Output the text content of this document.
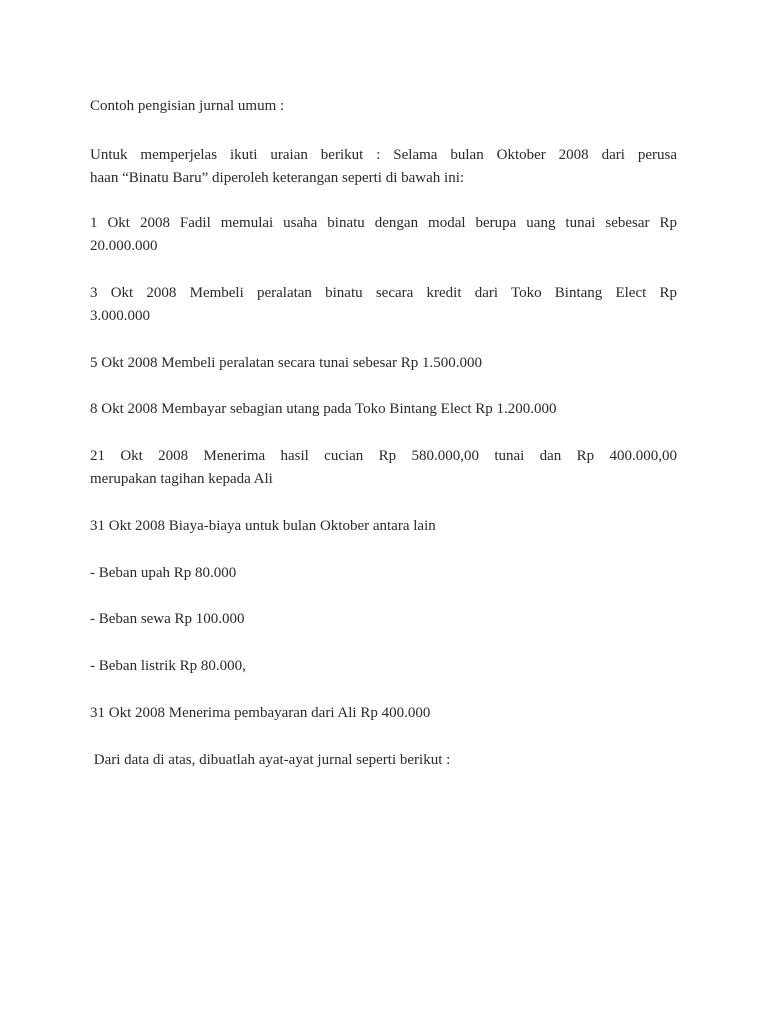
Contoh pengisian jurnal umum :

Untuk memperjelas ikuti uraian berikut : Selama bulan Oktober 2008 dari perusa
haan “Binatu Baru” diperoleh keterangan seperti di bawah ini:

1 Okt 2008 Fadil memulai usaha binatu dengan modal berupa uang tunai sebesar Rp
20.000.000

3 Okt 2008 Membeli peralatan binatu secara kredit dari Toko Bintang Elect Rp
3.000.000

5 Okt 2008 Membeli peralatan secara tunai sebesar Rp 1.500.000

8 Okt 2008 Membayar sebagian utang pada Toko Bintang Elect Rp 1.200.000

21 Okt 2008 Menerima hasil cucian Rp 580.000,00 tunai dan Rp 400.000,00
merupakan tagihan kepada Ali

31 Okt 2008 Biaya-biaya untuk bulan Oktober antara lain

- Beban upah Rp 80.000

- Beban sewa Rp 100.000

- Beban listrik Rp 80.000,

31 Okt 2008 Menerima pembayaran dari Ali Rp 400.000

Dari data di atas, dibuatlah ayat-ayat jurnal seperti berikut :
